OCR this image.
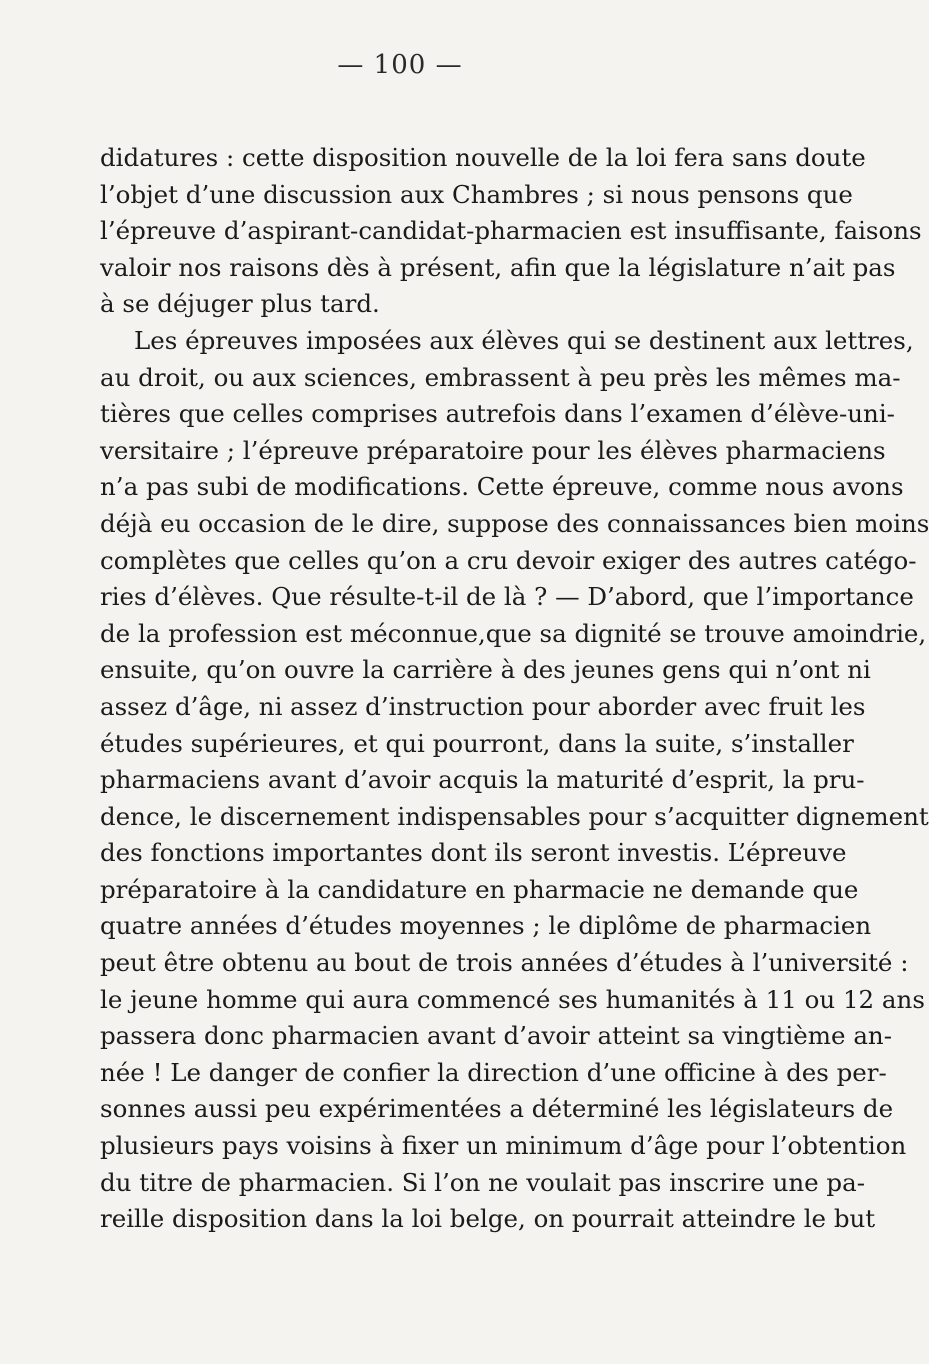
— 100 —
didatures : cette disposition nouvelle de la loi fera sans doute
l’objet d’une discussion aux Chambres ; si nous pensons que
l’épreuve d’aspirant-candidat-pharmacien est insuffisante, faisons
valoir nos raisons dès à présent, afin que la législature n’ait pas
à se déjuger plus tard.
Les épreuves imposées aux élèves qui se destinent aux lettres,
au droit, ou aux sciences, embrassent à peu près les mêmes ma-
tières que celles comprises autrefois dans l’examen d’élève-uni-
versitaire ; l’épreuve préparatoire pour les élèves pharmaciens
n’a pas subi de modifications. Cette épreuve, comme nous avons
déjà eu occasion de le dire, suppose des connaissances bien moins
complètes que celles qu’on a cru devoir exiger des autres catégo-
ries d’élèves. Que résulte-t-il de là ? — D’abord, que l’importance
de la profession est méconnue,que sa dignité se trouve amoindrie,
ensuite, qu’on ouvre la carrière à des jeunes gens qui n’ont ni
assez d’âge, ni assez d’instruction pour aborder avec fruit les
études supérieures, et qui pourront, dans la suite, s’installer
pharmaciens avant d’avoir acquis la maturité d’esprit, la pru-
dence, le discernement indispensables pour s’acquitter dignement
des fonctions importantes dont ils seront investis. L’épreuve
préparatoire à la candidature en pharmacie ne demande que
quatre années d’études moyennes ; le diplôme de pharmacien
peut être obtenu au bout de trois années d’études à l’université :
le jeune homme qui aura commencé ses humanités à 11 ou 12 ans
passera donc pharmacien avant d’avoir atteint sa vingtième an-
née ! Le danger de confier la direction d’une officine à des per-
sonnes aussi peu expérimentées a déterminé les législateurs de
plusieurs pays voisins à fixer un minimum d’âge pour l’obtention
du titre de pharmacien. Si l’on ne voulait pas inscrire une pa-
reille disposition dans la loi belge, on pourrait atteindre le but
